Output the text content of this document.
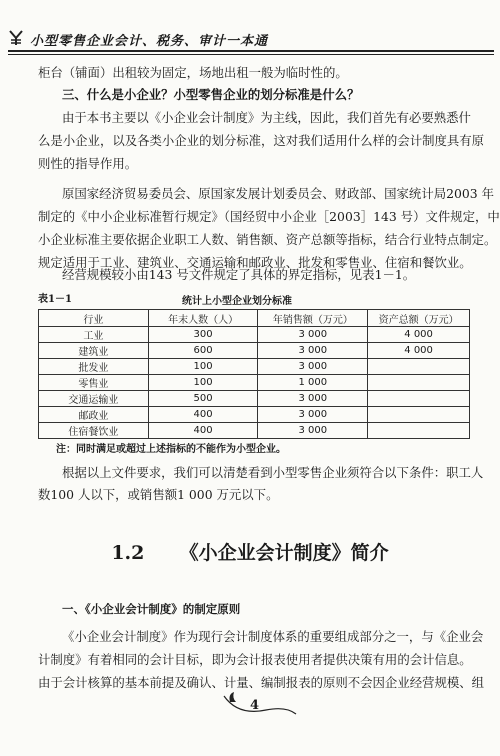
小型零售企业会计、税务、审计一本通
柜台（铺面）出租较为固定，场地出租一般为临时性的。
三、什么是小企业？小型零售企业的划分标准是什么？
由于本书主要以《小企业会计制度》为主线，因此，我们首先有必要熟悉什
么是小企业，以及各类小企业的划分标准，这对我们适用什么样的会计制度具有原
则性的指导作用。
原国家经济贸易委员会、原国家发展计划委员会、财政部、国家统计局2003 年
制定的《中小企业标准暂行规定》（国经贸中小企业［2003］143 号）文件规定，中
小企业标准主要依据企业职工人数、销售额、资产总额等指标，结合行业特点制定。
规定适用于工业、建筑业、交通运输和邮政业、批发和零售业、住宿和餐饮业。
经营规模较小由143 号文件规定了具体的界定指标，见表1－1。
表1－1	统计上小型企业划分标准
行业	年末人数（人）	年销售额（万元）	资产总额（万元）
工业	300	3 000	4 000
建筑业	600	3 000	4 000
批发业	100	3 000	
零售业	100	1 000	
交通运输业	500	3 000	
邮政业	400	3 000	
住宿餐饮业	400	3 000	
注：同时满足或超过上述指标的不能作为小型企业。
根据以上文件要求，我们可以清楚看到小型零售企业须符合以下条件：职工人
数100 人以下，或销售额1 000 万元以下。
1.2 《小企业会计制度》简介
一、《小企业会计制度》的制定原则
《小企业会计制度》作为现行会计制度体系的重要组成部分之一，与《企业会
计制度》有着相同的会计目标，即为会计报表使用者提供决策有用的会计信息。
由于会计核算的基本前提及确认、计量、编制报表的原则不会因企业经营规模、组
4
